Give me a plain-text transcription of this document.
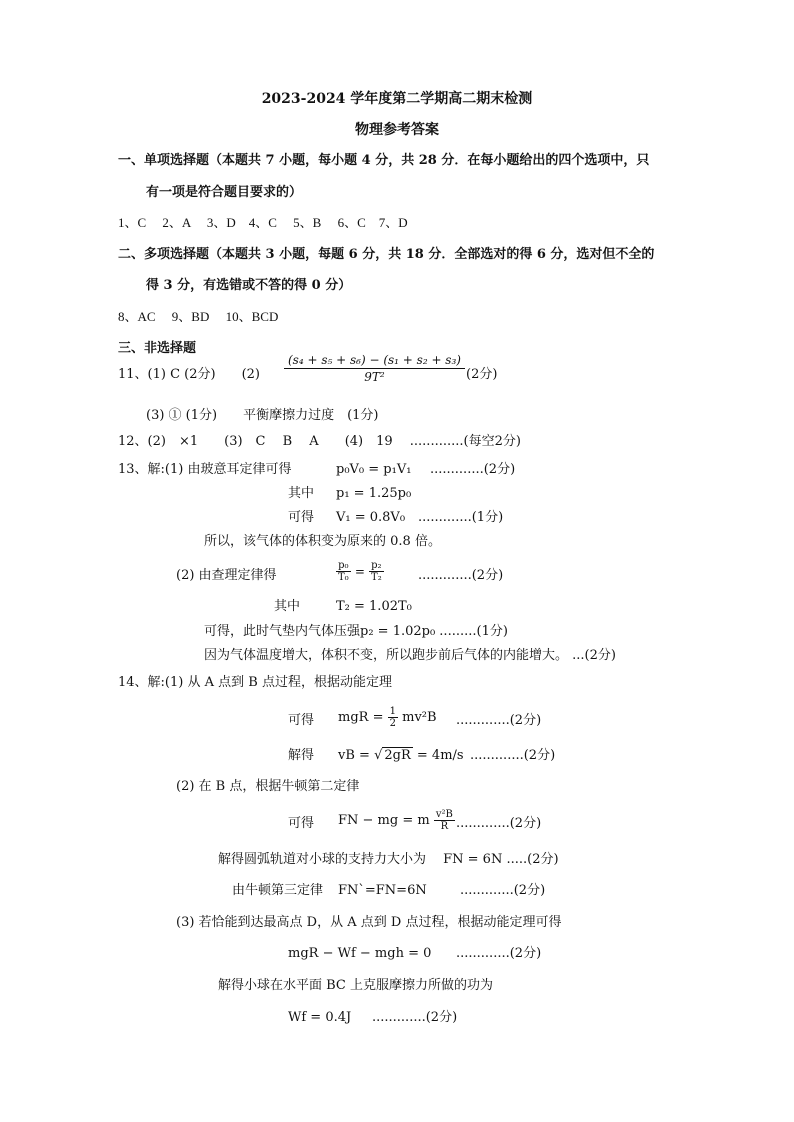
2023-2024 学年度第二学期高二期末检测
物理参考答案
一、单项选择题（本题共 7 小题，每小题 4 分，共 28 分．在每小题给出的四个选项中，只
有一项是符合题目要求的）
1、C　 2、A　 3、D　4、C　 5、B　 6、C　7、D
二、多项选择题（本题共 3 小题，每题 6 分，共 18 分．全部选对的得 6 分，选对但不全的
得 3 分，有选错或不答的得 0 分）
8、AC　 9、BD　 10、BCD
三、非选择题
11、(1) C (2分)　　$(2) \frac{\text{(s₄ + s₅ + s₆) − (s₁ + s₂ + s₃)}}{\text{9T²}} (2$分)
(3) ① (1分)　　平衡摩擦力过度　(1分)
12、(2)　×1　　(3)　C　 B　 A　　(4)　19　 .............(每空2分)
13、解:(1) 由玻意耳定律可得	p₀V₀ = p₁V₁ .............(2分)
其中 p₁ = 1.25p₀
可得 V₁ = 0.8V₀ .............(1分)
所以，该气体的体积变为原来的 0.8 倍。
(2) 由查理定律得	$\frac{\text{p₀}}{\text{T₀}} = \frac{\text{p₂}}{\text{T₂}}$	.............(2分)
其中	T₂ = 1.02T₀
可得，此时气垫内气体压强p₂ = 1.02p₀ .........(1分)
因为气体温度增大，体积不变，所以跑步前后气体的内能增大。 ...(2分)
14、解:(1) 从 A 点到 B 点过程，根据动能定理
可得 mgR = $\frac{1}{2} mv^2B$ .............(2分)
解得 vB = √ 2gR = 4m/s .............(2分)
(2) 在 B 点，根据牛顿第二定律
可得 FN − mg = m $\frac{\text{v²B}}{R} .............(2$分)
解得圆弧轨道对小球的支持力大小为　 FN = 6N .....(2分)
由牛顿第三定律 FN`=FN=6N	.............(2分)
(3) 若恰能到达最高点 D，从 A 点到 D 点过程，根据动能定理可得
mgR − Wf − mgh = 0 .............(2分)
解得小球在水平面 BC 上克服摩擦力所做的功为
Wf = 0.4J .............(2分)
